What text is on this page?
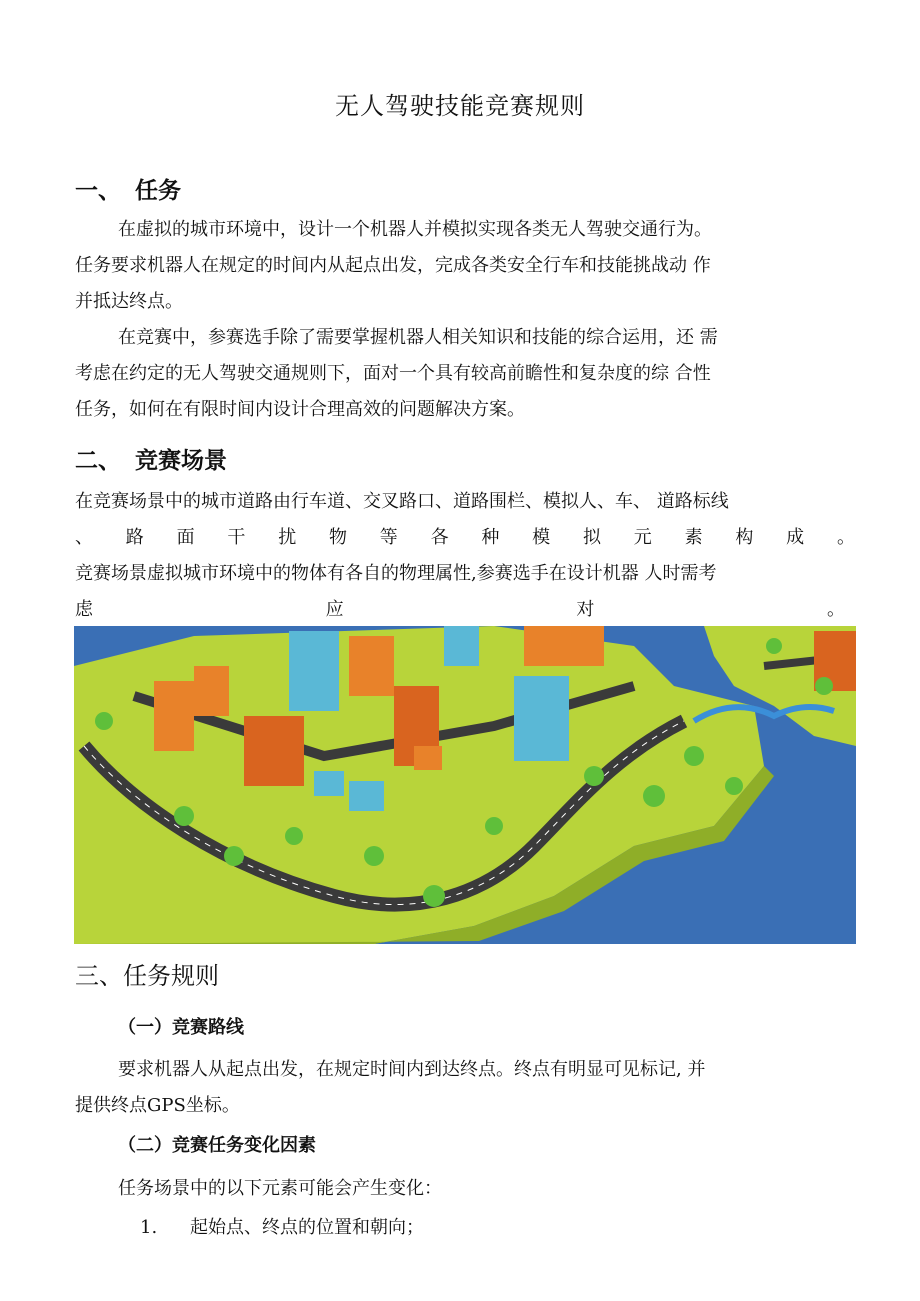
无人驾驶技能竞赛规则
一、 任务
在虚拟的城市环境中，设计一个机器人并模拟实现各类无人驾驶交通行为。
任务要求机器人在规定的时间内从起点出发，完成各类安全行车和技能挑战动 作
并抵达终点。
在竞赛中，参赛选手除了需要掌握机器人相关知识和技能的综合运用，还 需
考虑在约定的无人驾驶交通规则下，面对一个具有较高前瞻性和复杂度的综 合性
任务，如何在有限时间内设计合理高效的问题解决方案。
二、 竞赛场景
在竞赛场景中的城市道路由行车道、交叉路口、道路围栏、模拟人、车、 道路标线
、 路 面 干 扰 物 等 各 种 模 拟 元 素 构 成 。
竞赛场景虚拟城市环境中的物体有各自的物理属性,参赛选手在设计机器 人时需考
虑	应	对	。
三、任务规则
（一）竞赛路线
要求机器人从起点出发，在规定时间内到达终点。终点有明显可见标记, 并
提供终点GPS坐标。
（二）竞赛任务变化因素
任务场景中的以下元素可能会产生变化：
1. 起始点、终点的位置和朝向；
